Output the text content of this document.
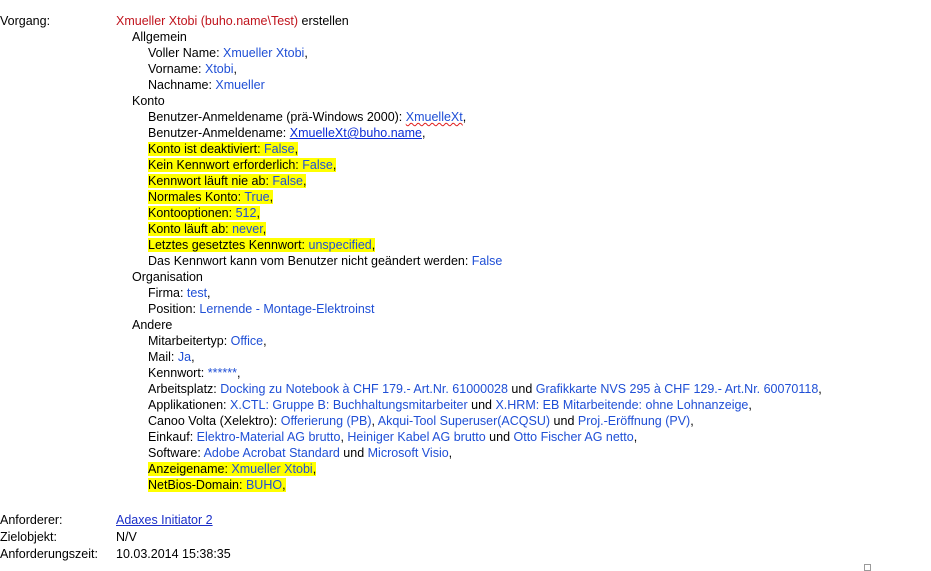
Vorgang:	Xmueller Xtobi (buho.name\Test) erstellen
Allgemein
Voller Name: Xmueller Xtobi,
Vorname: Xtobi,
Nachname: Xmueller
Konto
Benutzer-Anmeldename (prä-Windows 2000): XmuelleXt,
Benutzer-Anmeldename: XmuelleXt@buho.name,
Konto ist deaktiviert: False,
Kein Kennwort erforderlich: False,
Kennwort läuft nie ab: False,
Normales Konto: True,
Kontooptionen: 512,
Konto läuft ab: never,
Letztes gesetztes Kennwort: unspecified,
Das Kennwort kann vom Benutzer nicht geändert werden: False
Organisation
Firma: test,
Position: Lernende - Montage-Elektroinst
Andere
Mitarbeitertyp: Office,
Mail: Ja,
Kennwort: ******,
Arbeitsplatz: Docking zu Notebook à CHF 179.- Art.Nr. 61000028 und Grafikkarte NVS 295 à CHF 129.- Art.Nr. 60070118,
Applikationen: X.CTL: Gruppe B: Buchhaltungsmitarbeiter und X.HRM: EB Mitarbeitende: ohne Lohnanzeige,
Canoo Volta (Xelektro): Offerierung (PB), Akqui-Tool Superuser(ACQSU) und Proj.-Eröffnung (PV),
Einkauf: Elektro-Material AG brutto, Heiniger Kabel AG brutto und Otto Fischer AG netto,
Software: Adobe Acrobat Standard und Microsoft Visio,
Anzeigename: Xmueller Xtobi,
NetBios-Domain: BUHO,
Anforderer:	Adaxes Initiator 2
Zielobjekt:	N/V
Anforderungszeit: 10.03.2014 15:38:35
